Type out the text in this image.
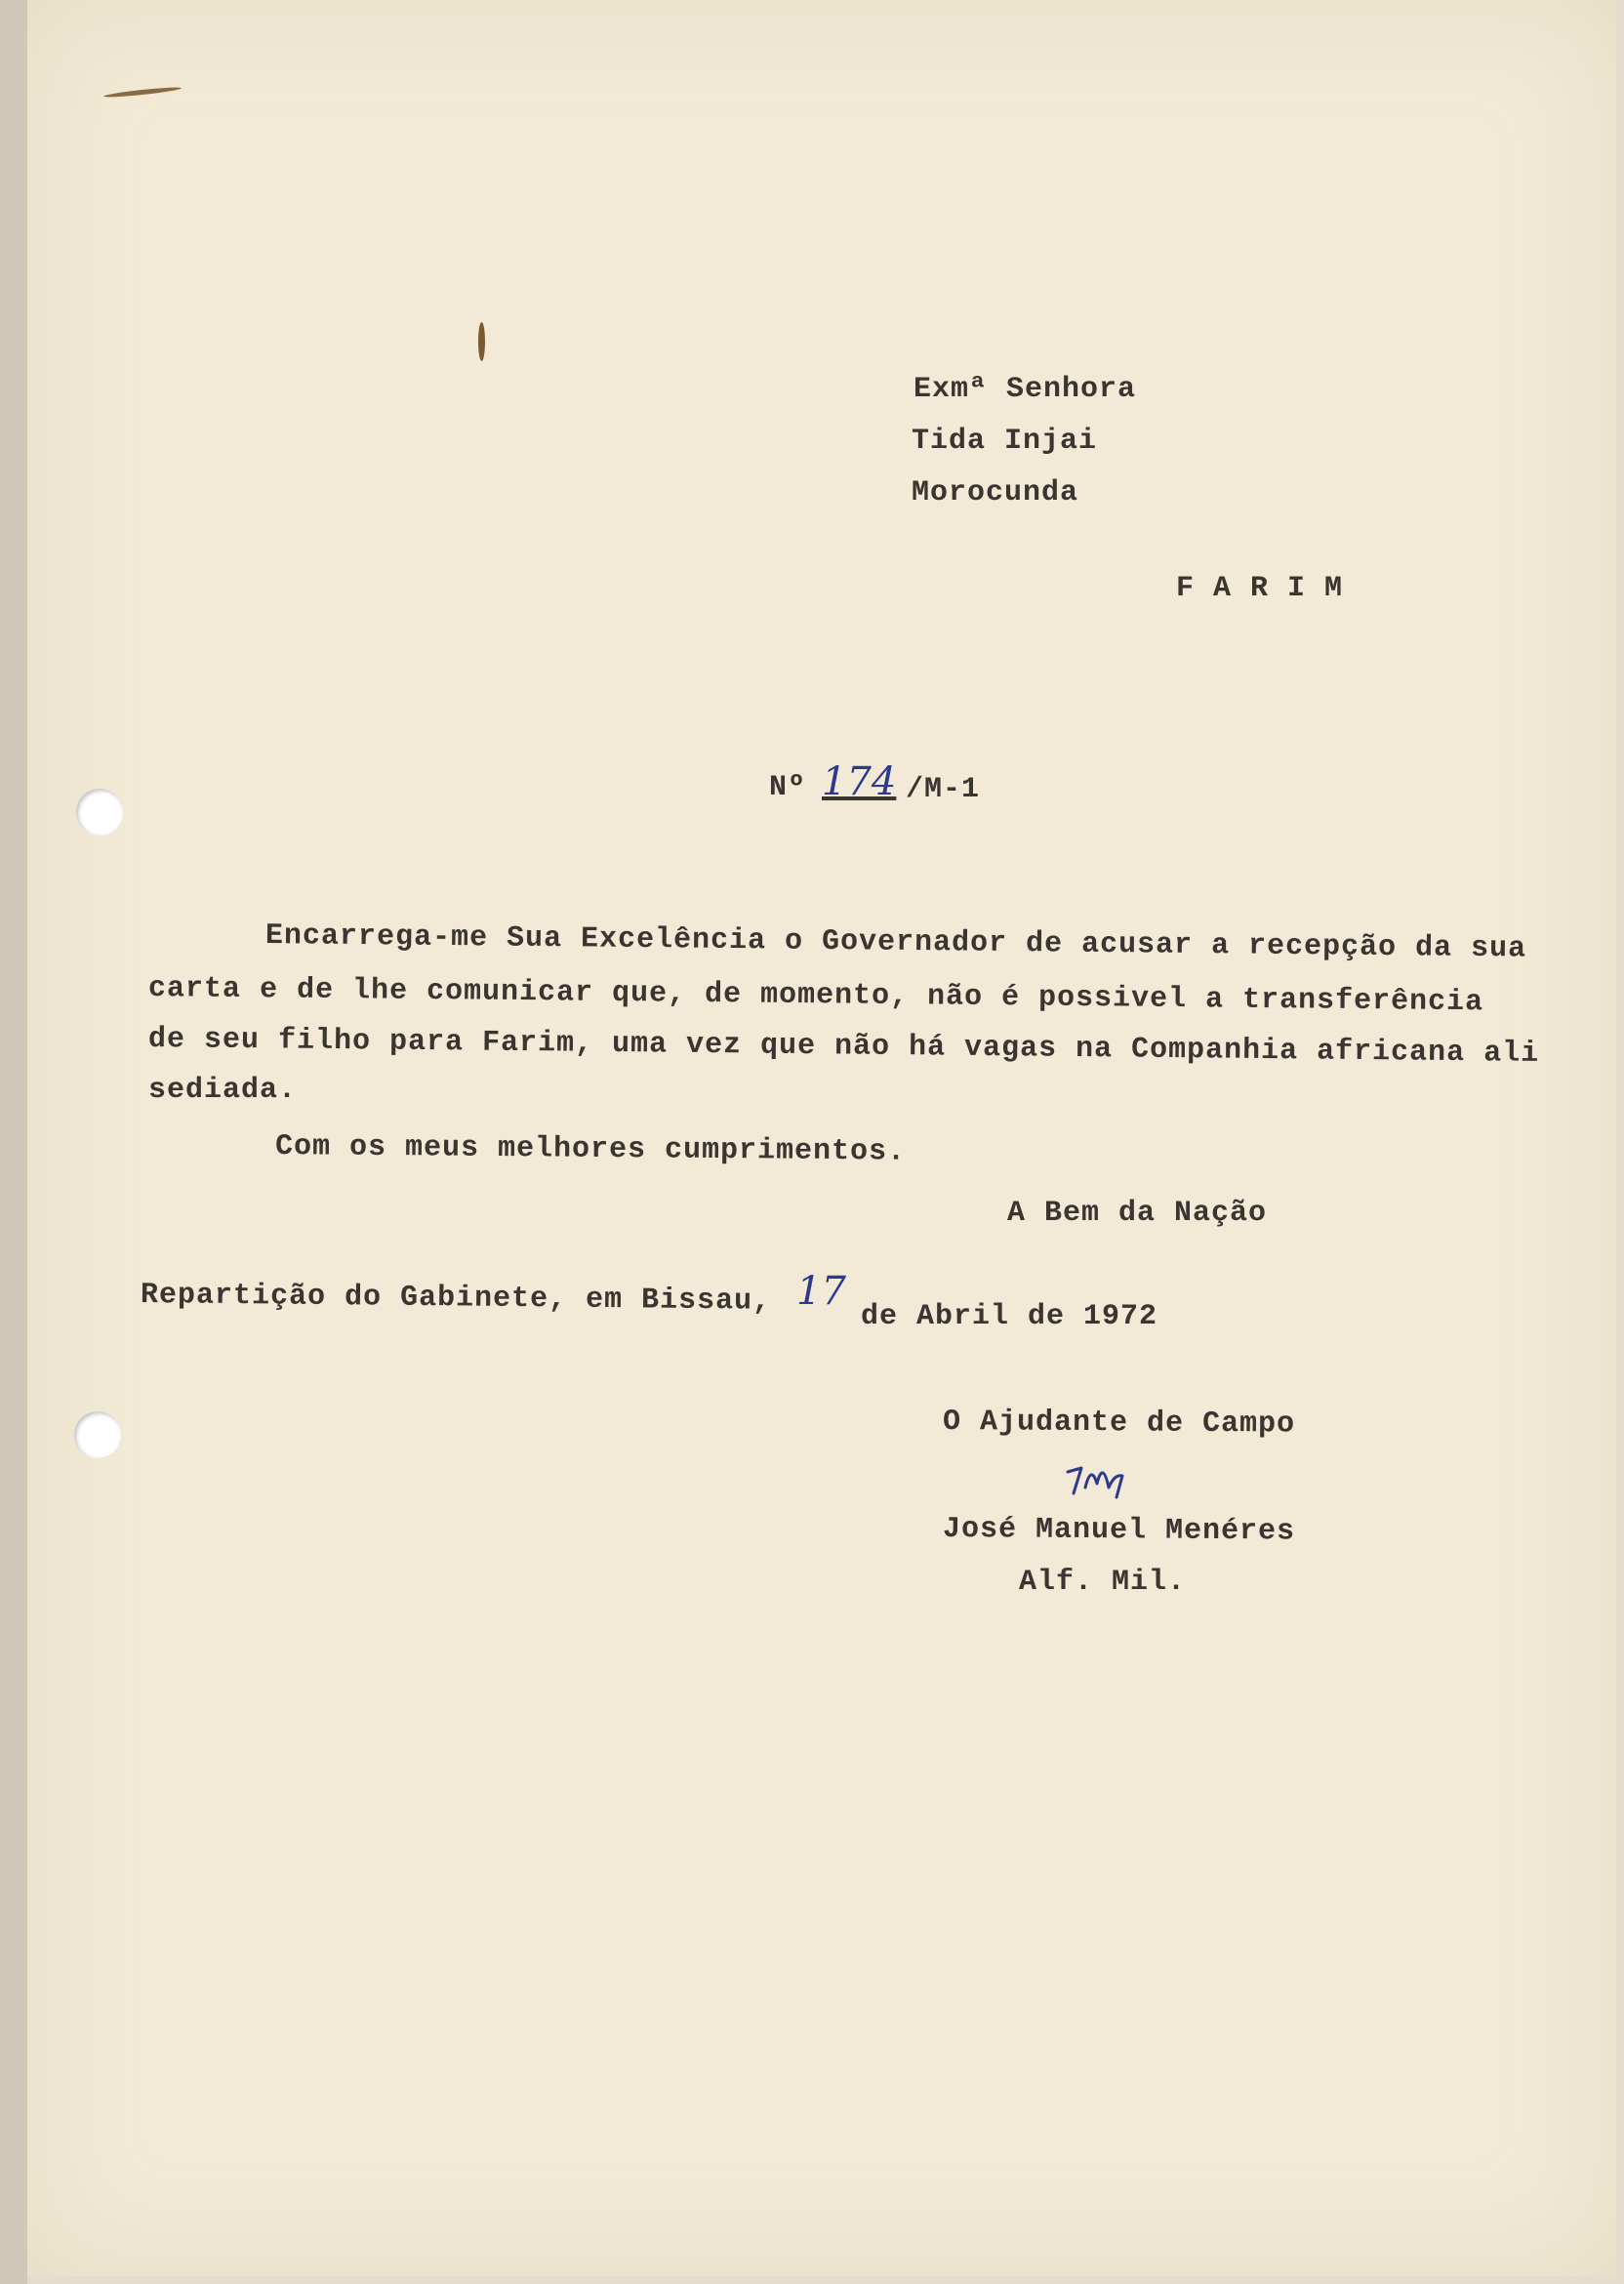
Exmª Senhora
Tida Injai
Morocunda
F A R I M
Nº 174 /M-1
Encarrega-me Sua Excelência o Governador de acusar a recepção da sua
carta e de lhe comunicar que, de momento, não é possivel a transferência
de seu filho para Farim, uma vez que não há vagas na Companhia africana ali
sediada.
Com os meus melhores cumprimentos.
A Bem da Nação
Repartição do Gabinete, em Bissau, 17
de Abril de 1972
O Ajudante de Campo
José Manuel Menéres
Alf. Mil.
